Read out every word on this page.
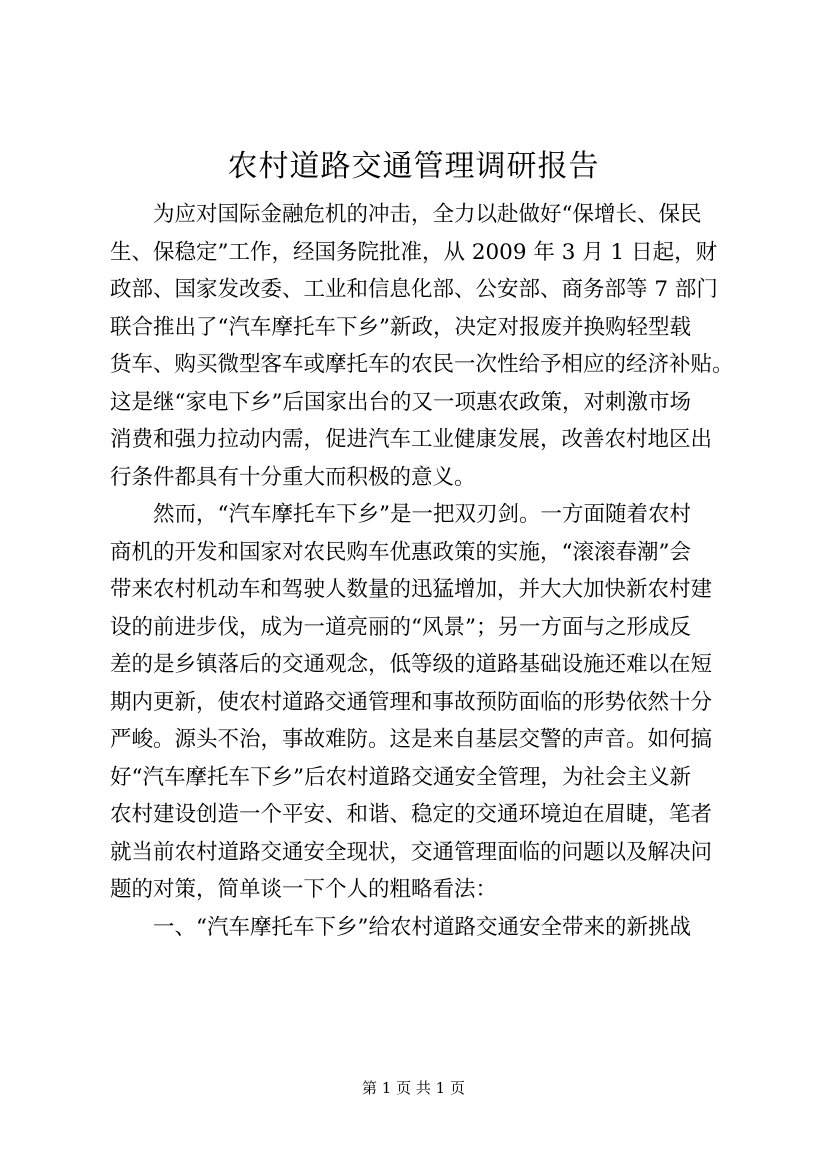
农村道路交通管理调研报告
为应对国际金融危机的冲击，全力以赴做好“保增长、保民
生、保稳定”工作，经国务院批准，从 2009 年 3 月 1 日起，财
政部、国家发改委、工业和信息化部、公安部、商务部等 7 部门
联合推出了“汽车摩托车下乡”新政，决定对报废并换购轻型载
货车、购买微型客车或摩托车的农民一次性给予相应的经济补贴。
这是继“家电下乡”后国家出台的又一项惠农政策，对刺激市场
消费和强力拉动内需，促进汽车工业健康发展，改善农村地区出
行条件都具有十分重大而积极的意义。
然而，“汽车摩托车下乡”是一把双刃剑。一方面随着农村
商机的开发和国家对农民购车优惠政策的实施，“滚滚春潮”会
带来农村机动车和驾驶人数量的迅猛增加，并大大加快新农村建
设的前进步伐，成为一道亮丽的“风景”；另一方面与之形成反
差的是乡镇落后的交通观念，低等级的道路基础设施还难以在短
期内更新，使农村道路交通管理和事故预防面临的形势依然十分
严峻。源头不治，事故难防。这是来自基层交警的声音。如何搞
好“汽车摩托车下乡”后农村道路交通安全管理，为社会主义新
农村建设创造一个平安、和谐、稳定的交通环境迫在眉睫，笔者
就当前农村道路交通安全现状，交通管理面临的问题以及解决问
题的对策，简单谈一下个人的粗略看法：
一、“汽车摩托车下乡”给农村道路交通安全带来的新挑战
第 1 页 共 1 页
